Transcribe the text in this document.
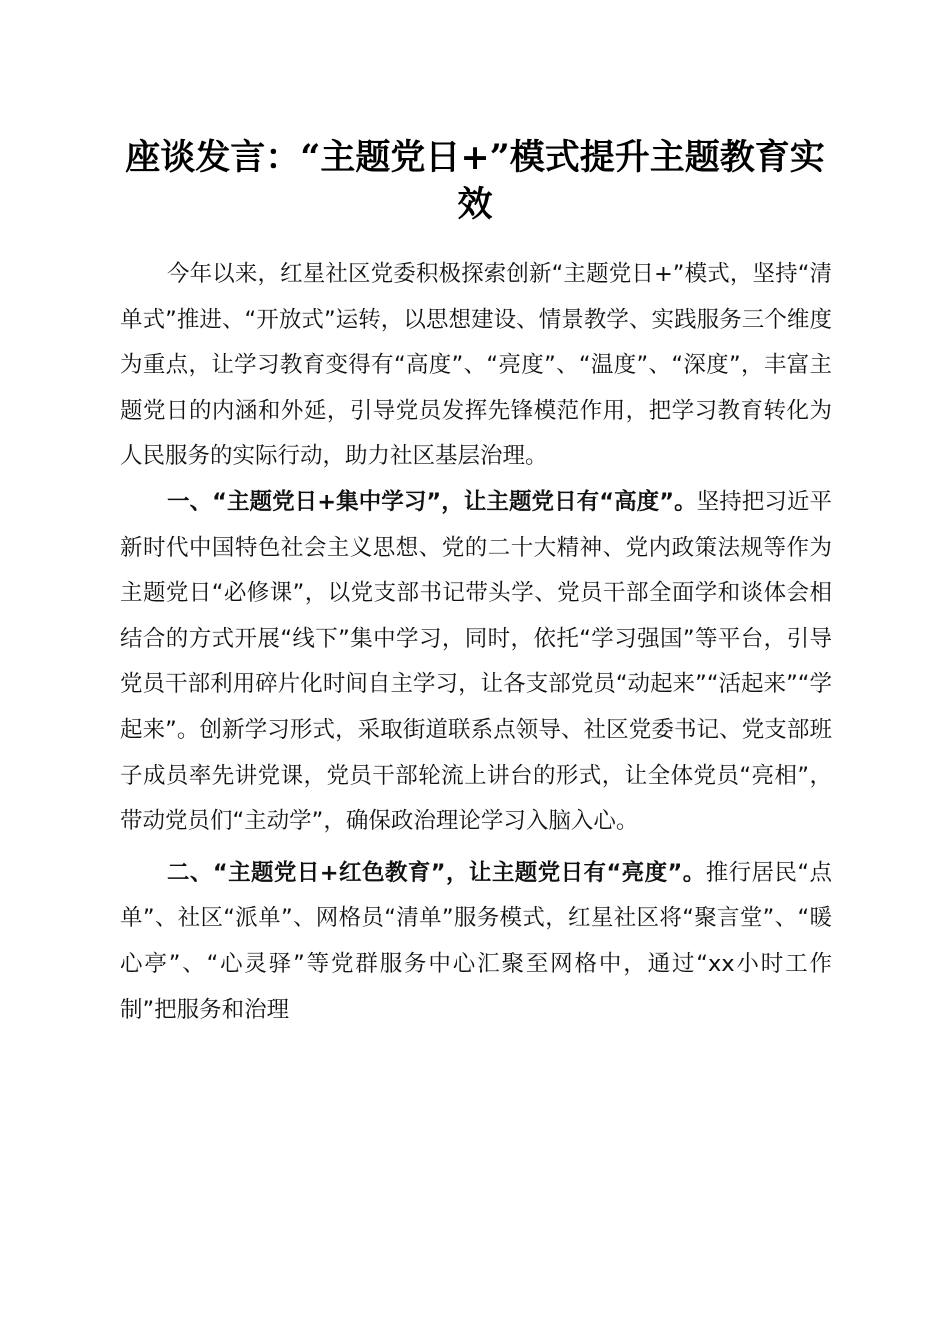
座谈发言：“主题党日+”模式提升主题教育实效

今年以来，红星社区党委积极探索创新“主题党日+”模式，坚持“清单式”推进、“开放式”运转，以思想建设、情景教学、实践服务三个维度为重点，让学习教育变得有“高度”、“亮度”、“温度”、“深度”，丰富主题党日的内涵和外延，引导党员发挥先锋模范作用，把学习教育转化为人民服务的实际行动，助力社区基层治理。

一、“主题党日+集中学习”，让主题党日有“高度”。坚持把习近平新时代中国特色社会主义思想、党的二十大精神、党内政策法规等作为主题党日“必修课”，以党支部书记带头学、党员干部全面学和谈体会相结合的方式开展“线下”集中学习，同时，依托“学习强国”等平台，引导党员干部利用碎片化时间自主学习，让各支部党员“动起来”“活起来”“学起来”。创新学习形式，采取街道联系点领导、社区党委书记、党支部班子成员率先讲党课，党员干部轮流上讲台的形式，让全体党员“亮相”，带动党员们“主动学”，确保政治理论学习入脑入心。

二、“主题党日+红色教育”，让主题党日有“亮度”。推行居民“点单”、社区“派单”、网格员“清单”服务模式，红星社区将“聚言堂”、“暖心亭”、“心灵驿”等党群服务中心汇聚至网格中，通过“xx小时工作制”把服务和治理
